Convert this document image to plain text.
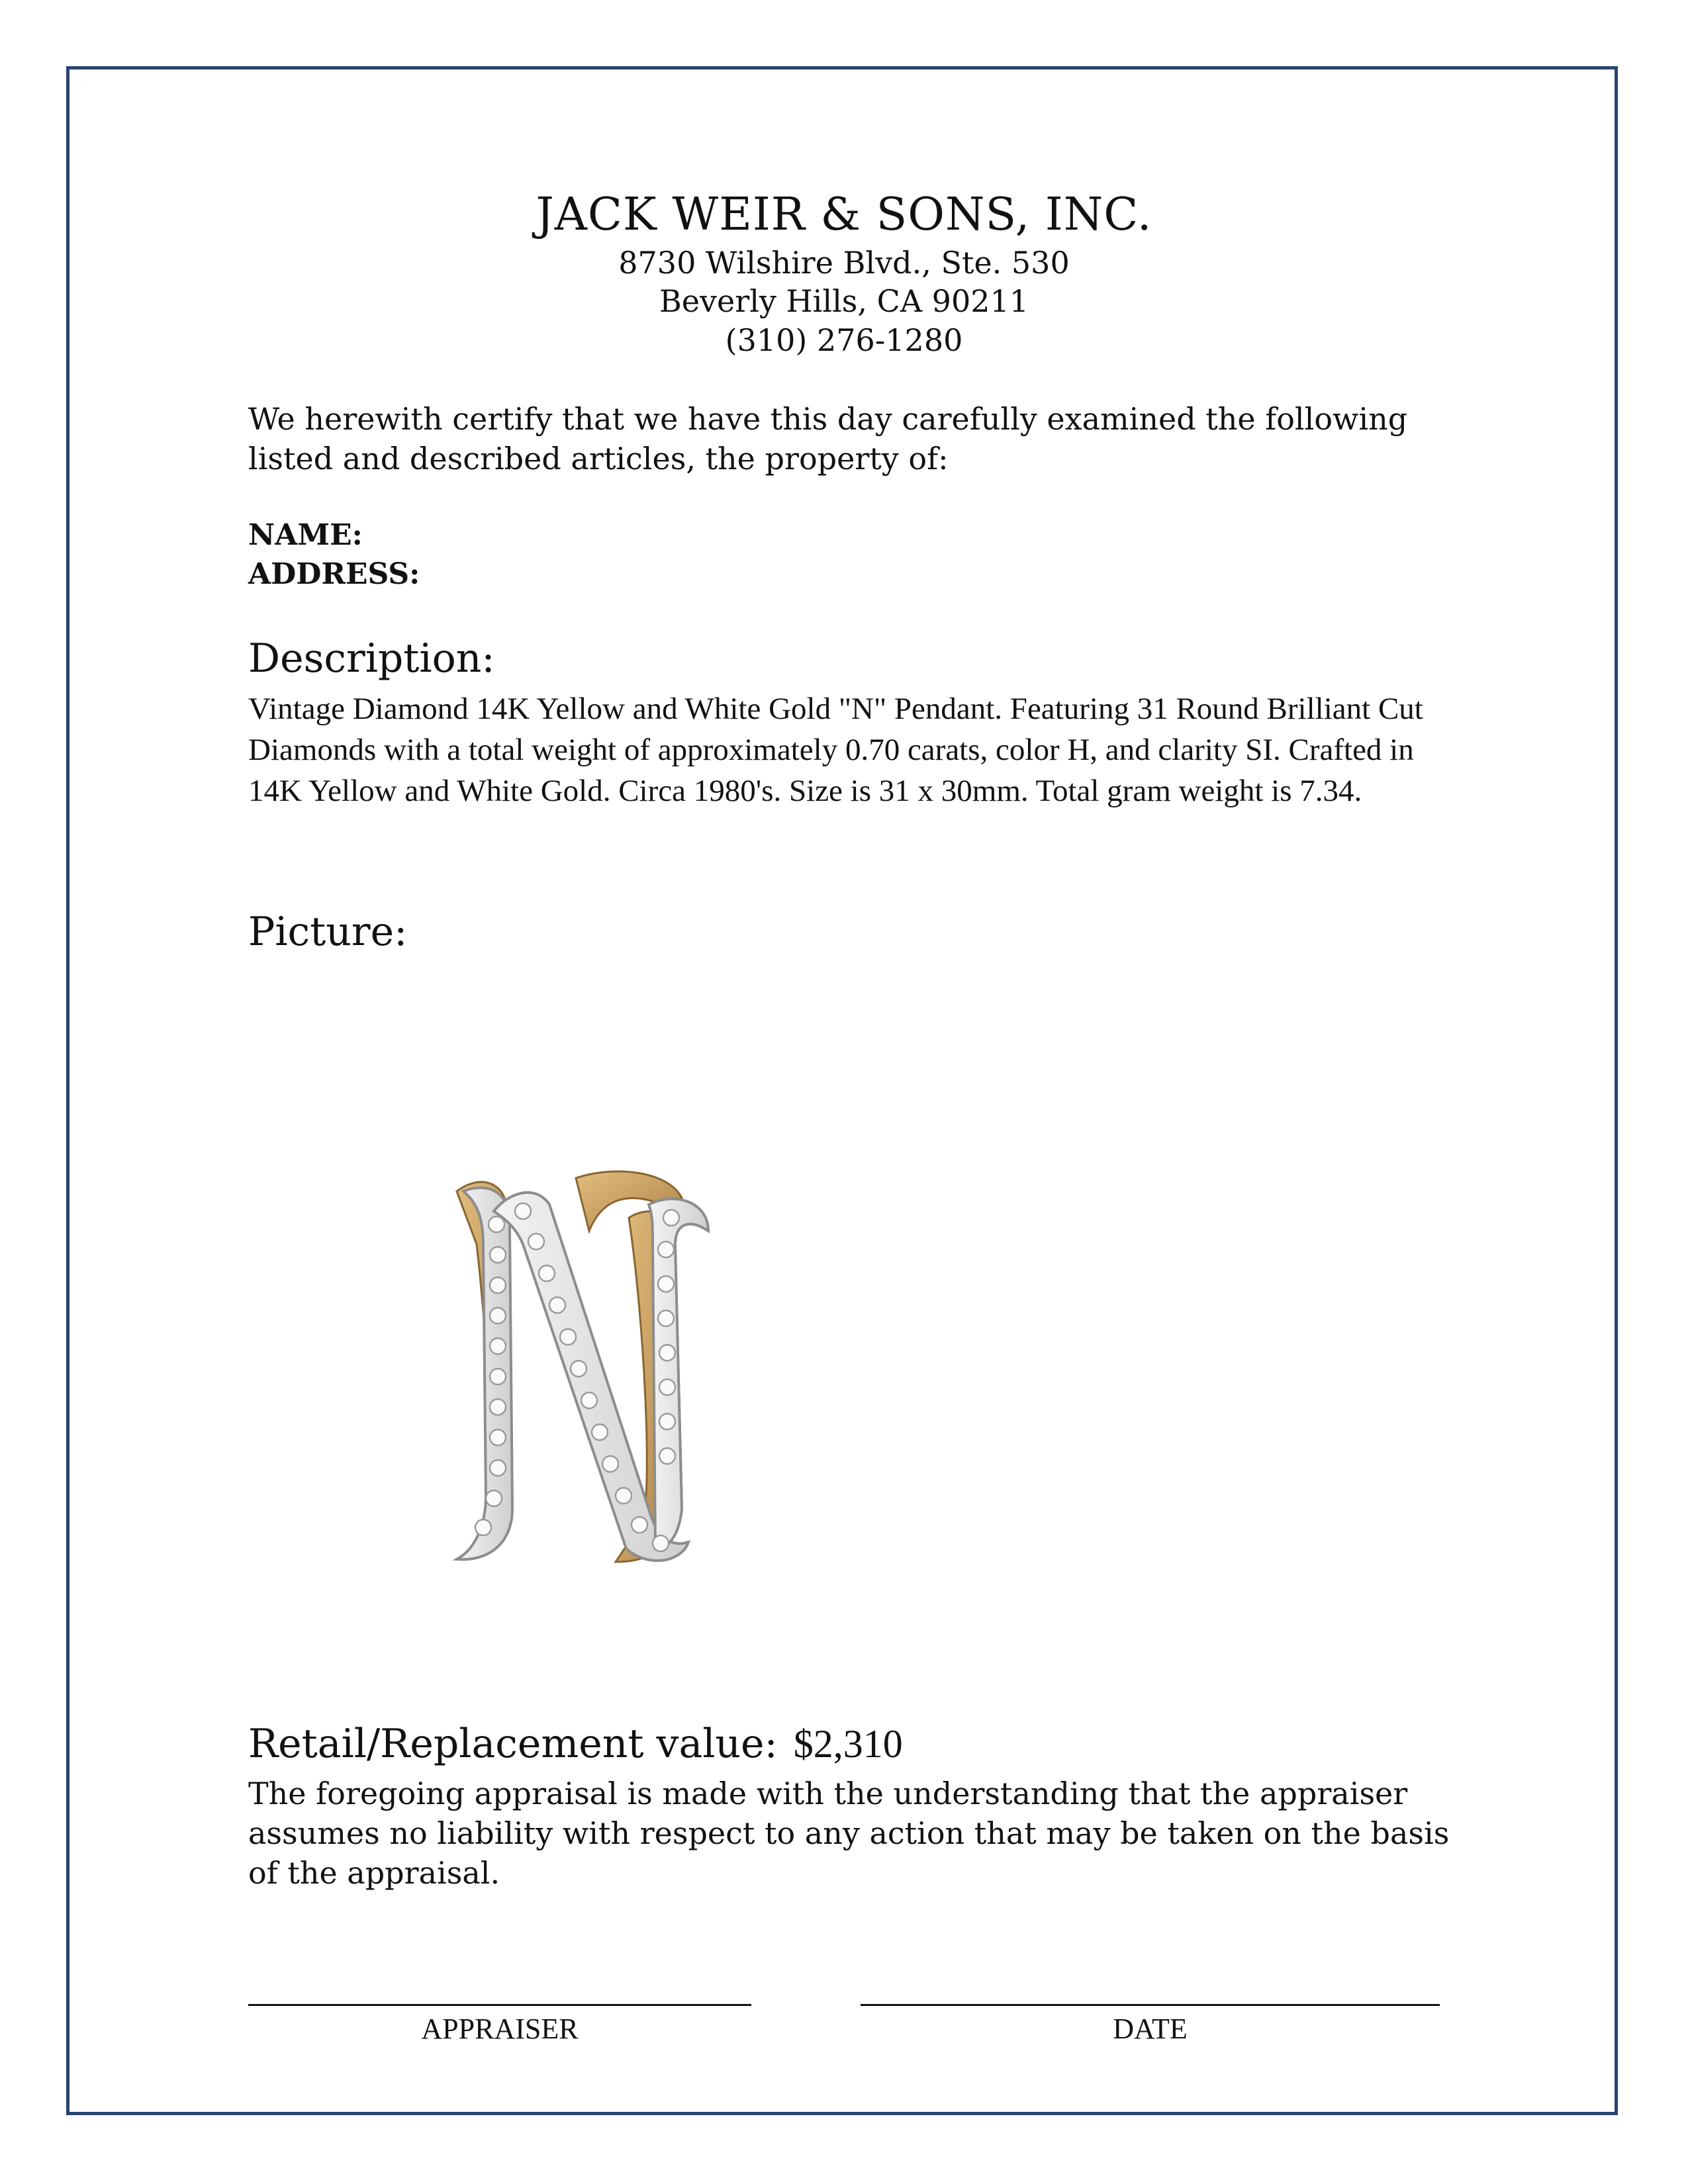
JACK WEIR & SONS, INC.
8730 Wilshire Blvd., Ste. 530
Beverly Hills, CA 90211
(310) 276-1280
We herewith certify that we have this day carefully examined the following listed and described articles, the property of:
NAME:
ADDRESS:
Description:
Vintage Diamond 14K Yellow and White Gold "N" Pendant. Featuring 31 Round Brilliant Cut Diamonds with a total weight of approximately 0.70 carats, color H, and clarity SI. Crafted in 14K Yellow and White Gold. Circa 1980's. Size is 31 x 30mm. Total gram weight is 7.34.
Picture:
Retail/Replacement value: $2,310
The foregoing appraisal is made with the understanding that the appraiser assumes no liability with respect to any action that may be taken on the basis of the appraisal.
APPRAISER	DATE
